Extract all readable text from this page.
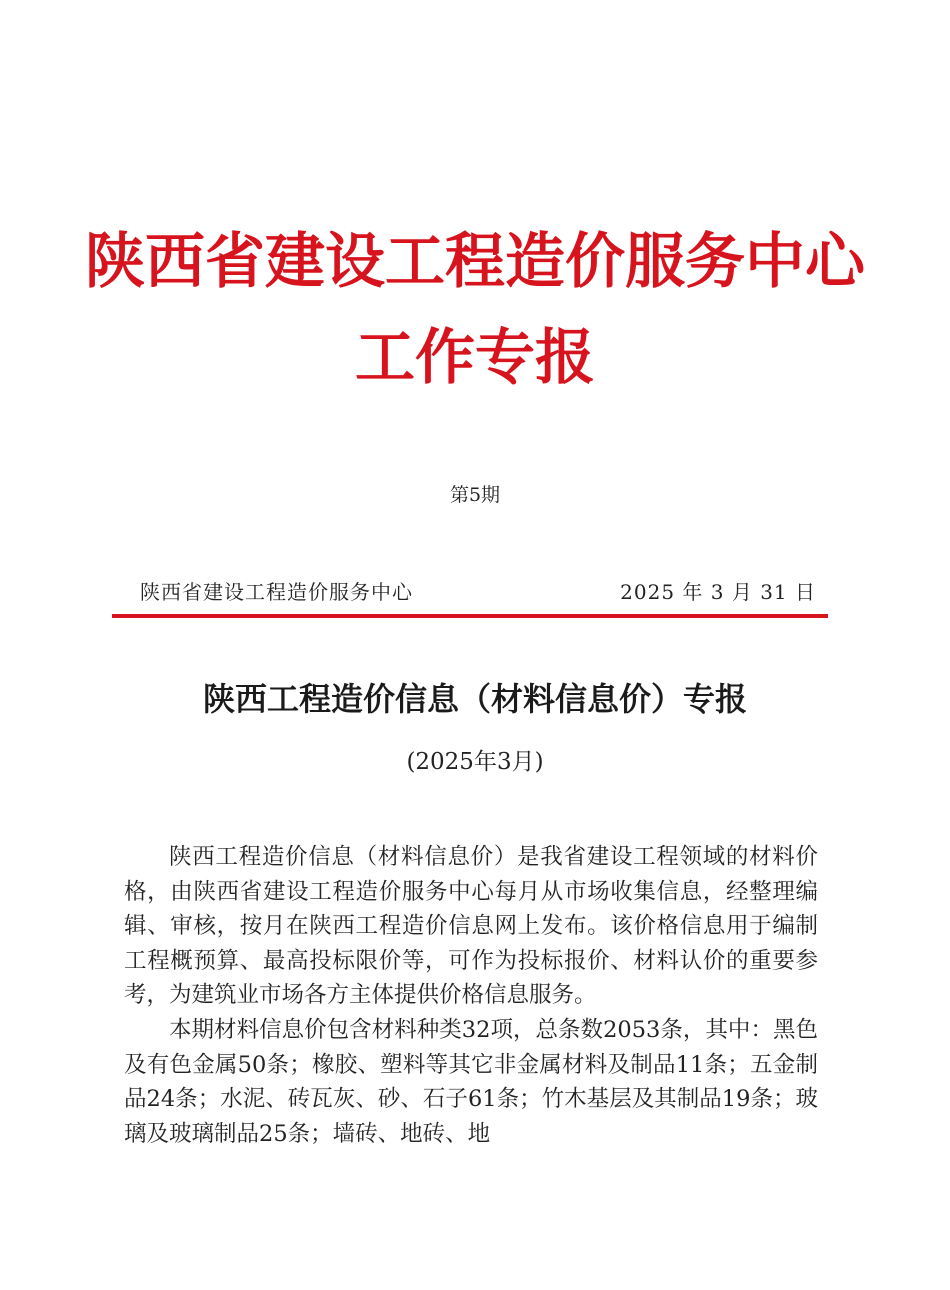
陕西省建设工程造价服务中心
工作专报
第5期
陕西省建设工程造价服务中心	2025 年 3 月 31 日
陕西工程造价信息（材料信息价）专报
(2025年3月)

陕西工程造价信息（材料信息价）是我省建设工程领域的材料价格，由陕西省建设工程造价服务中心每月从市场收集信息，经整理编辑、审核，按月在陕西工程造价信息网上发布。该价格信息用于编制工程概预算、最高投标限价等，可作为投标报价、材料认价的重要参考，为建筑业市场各方主体提供价格信息服务。

本期材料信息价包含材料种类32项，总条数2053条，其中：黑色及有色金属50条；橡胶、塑料等其它非金属材料及制品11条；五金制品24条；水泥、砖瓦灰、砂、石子61条；竹木基层及其制品19条；玻璃及玻璃制品25条；墙砖、地砖、地
